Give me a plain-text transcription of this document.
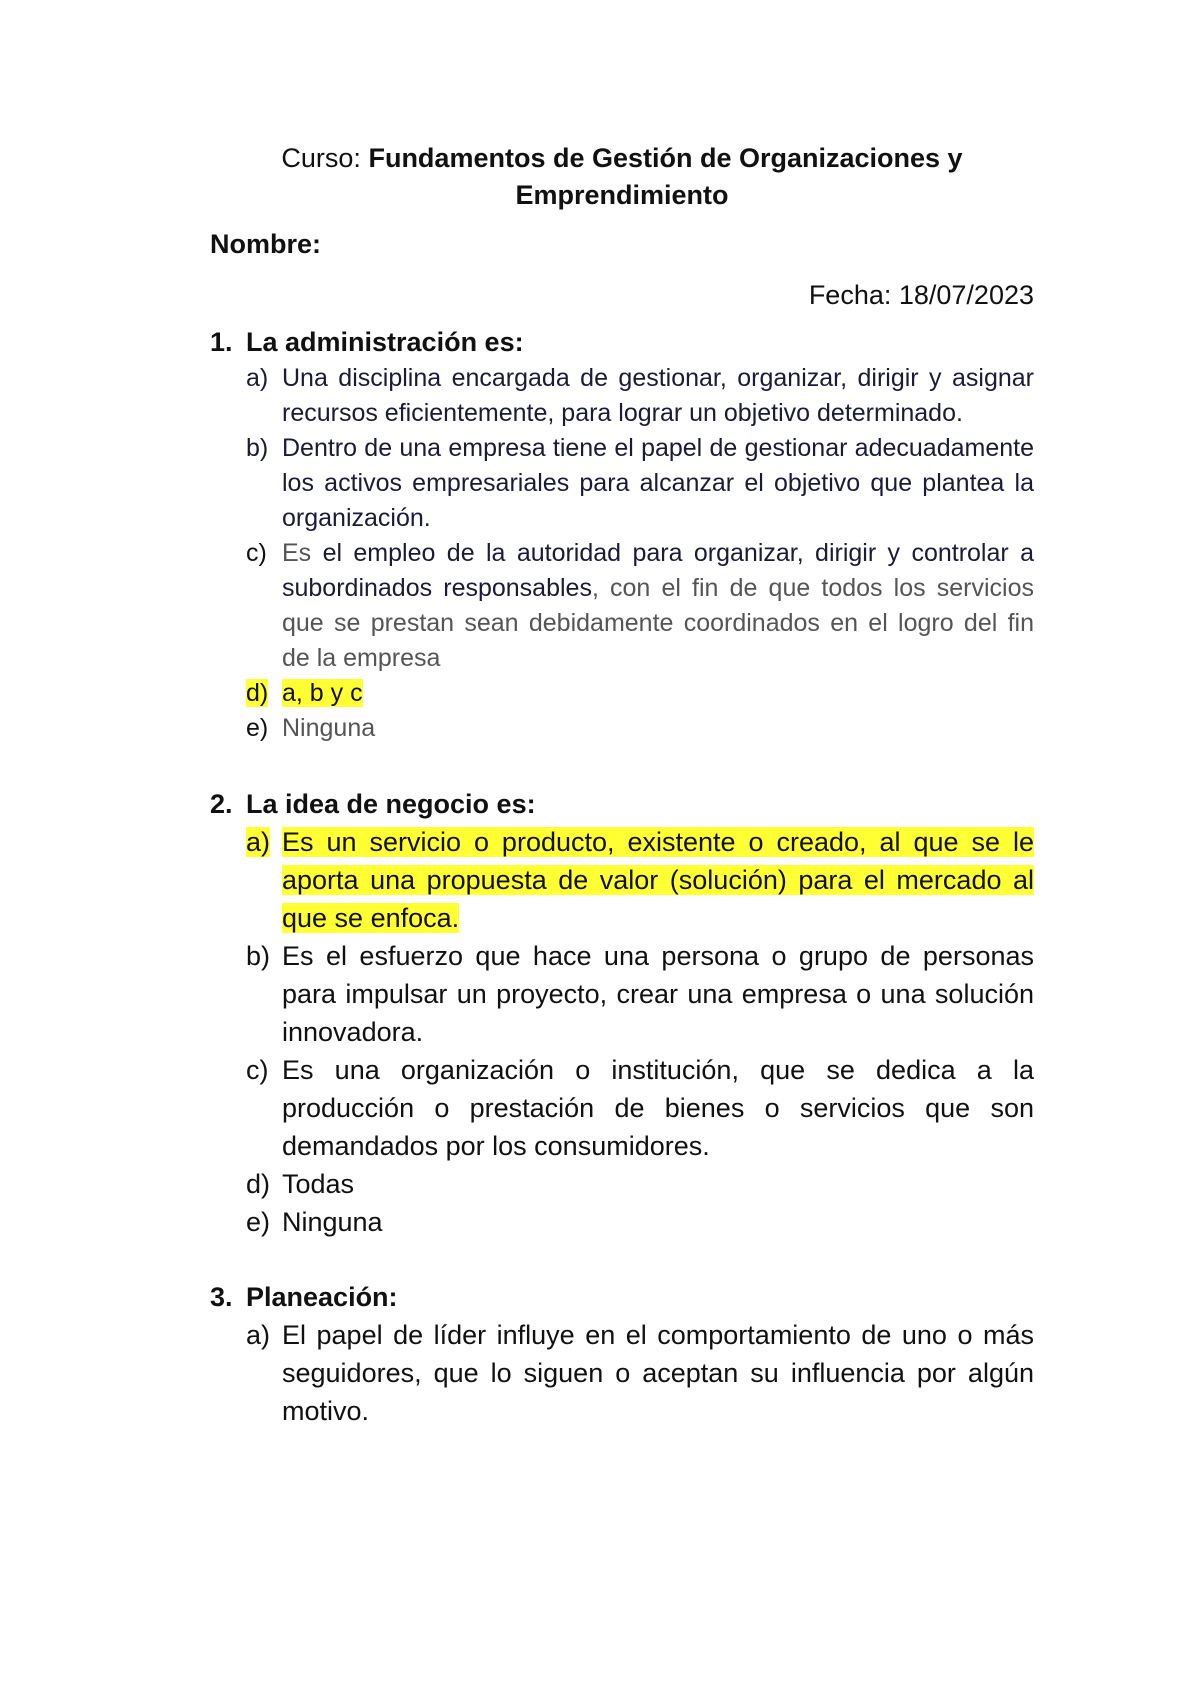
Curso: Fundamentos de Gestión de Organizaciones y
Emprendimiento

Nombre:
Fecha: 18/07/2023
1. La administración es:
a) Una disciplina encargada de gestionar, organizar, dirigir y asignar recursos eficientemente, para lograr un objetivo determinado.
b) Dentro de una empresa tiene el papel de gestionar adecuadamente los activos empresariales para alcanzar el objetivo que plantea la organización.
c) Es el empleo de la autoridad para organizar, dirigir y controlar a subordinados responsables, con el fin de que todos los servicios que se prestan sean debidamente coordinados en el logro del fin de la empresa
d) a, b y c
e) Ninguna
2. La idea de negocio es:
a) Es un servicio o producto, existente o creado, al que se le aporta una propuesta de valor (solución) para el mercado al que se enfoca.
b) Es el esfuerzo que hace una persona o grupo de personas para impulsar un proyecto, crear una empresa o una solución innovadora.
c) Es una organización o institución, que se dedica a la producción o prestación de bienes o servicios que son demandados por los consumidores.
d) Todas
e) Ninguna
3. Planeación:
a) El papel de líder influye en el comportamiento de uno o más seguidores, que lo siguen o aceptan su influencia por algún motivo.
